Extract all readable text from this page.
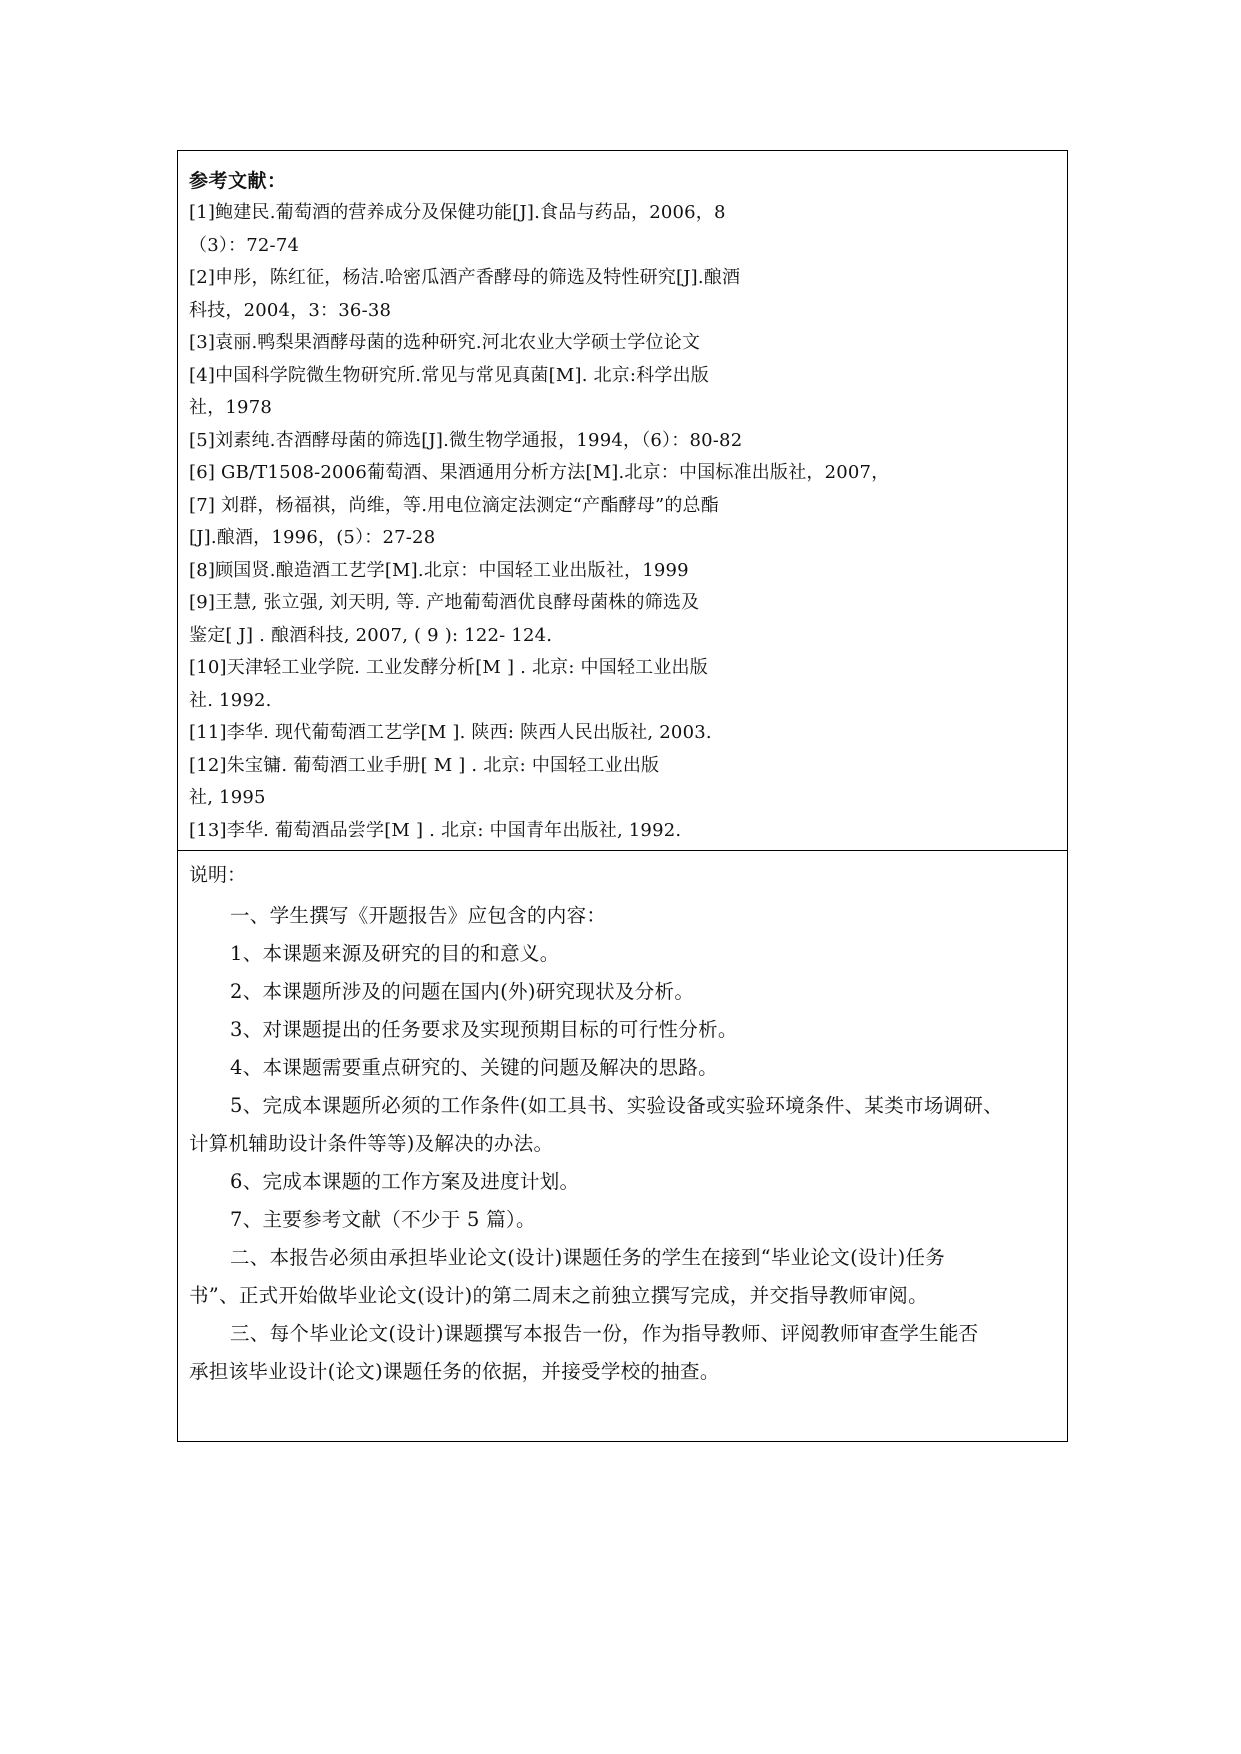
参考文献：
[1]鲍建民.葡萄酒的营养成分及保健功能[J].食品与药品，2006，8
（3）：72-74
[2]申彤，陈红征，杨洁.哈密瓜酒产香酵母的筛选及特性研究[J].酿酒
科技，2004，3：36-38
[3]袁丽.鸭梨果酒酵母菌的选种研究.河北农业大学硕士学位论文
[4]中国科学院微生物研究所.常见与常见真菌[M]. 北京:科学出版
社，1978
[5]刘素纯.杏酒酵母菌的筛选[J].微生物学通报，1994，（6）：80-82
[6] GB/T1508-2006葡萄酒、果酒通用分析方法[M].北京：中国标准出版社，2007，
[7] 刘群，杨福祺，尚维，等.用电位滴定法测定“产酯酵母”的总酯
[J].酿酒，1996，(5）：27-28
[8]顾国贤.酿造酒工艺学[M].北京：中国轻工业出版社，1999
[9]王慧, 张立强, 刘天明, 等. 产地葡萄酒优良酵母菌株的筛选及
鉴定[ J] . 酿酒科技, 2007, ( 9 ): 122- 124.
[10]天津轻工业学院. 工业发酵分析[M ] . 北京: 中国轻工业出版
社. 1992.
[11]李华. 现代葡萄酒工艺学[M ]. 陕西: 陕西人民出版社, 2003.
[12]朱宝镛. 葡萄酒工业手册[ M ] . 北京: 中国轻工业出版
社, 1995
[13]李华. 葡萄酒品尝学[M ] . 北京: 中国青年出版社, 1992.
说明：
一、学生撰写《开题报告》应包含的内容：
1、本课题来源及研究的目的和意义。
2、本课题所涉及的问题在国内(外)研究现状及分析。
3、对课题提出的任务要求及实现预期目标的可行性分析。
4、本课题需要重点研究的、关键的问题及解决的思路。
5、完成本课题所必须的工作条件(如工具书、实验设备或实验环境条件、某类市场调研、
计算机辅助设计条件等等)及解决的办法。
6、完成本课题的工作方案及进度计划。
7、主要参考文献（不少于 5 篇）。
二、本报告必须由承担毕业论文(设计)课题任务的学生在接到“毕业论文(设计)任务
书”、正式开始做毕业论文(设计)的第二周末之前独立撰写完成，并交指导教师审阅。
三、每个毕业论文(设计)课题撰写本报告一份，作为指导教师、评阅教师审查学生能否
承担该毕业设计(论文)课题任务的依据，并接受学校的抽查。
